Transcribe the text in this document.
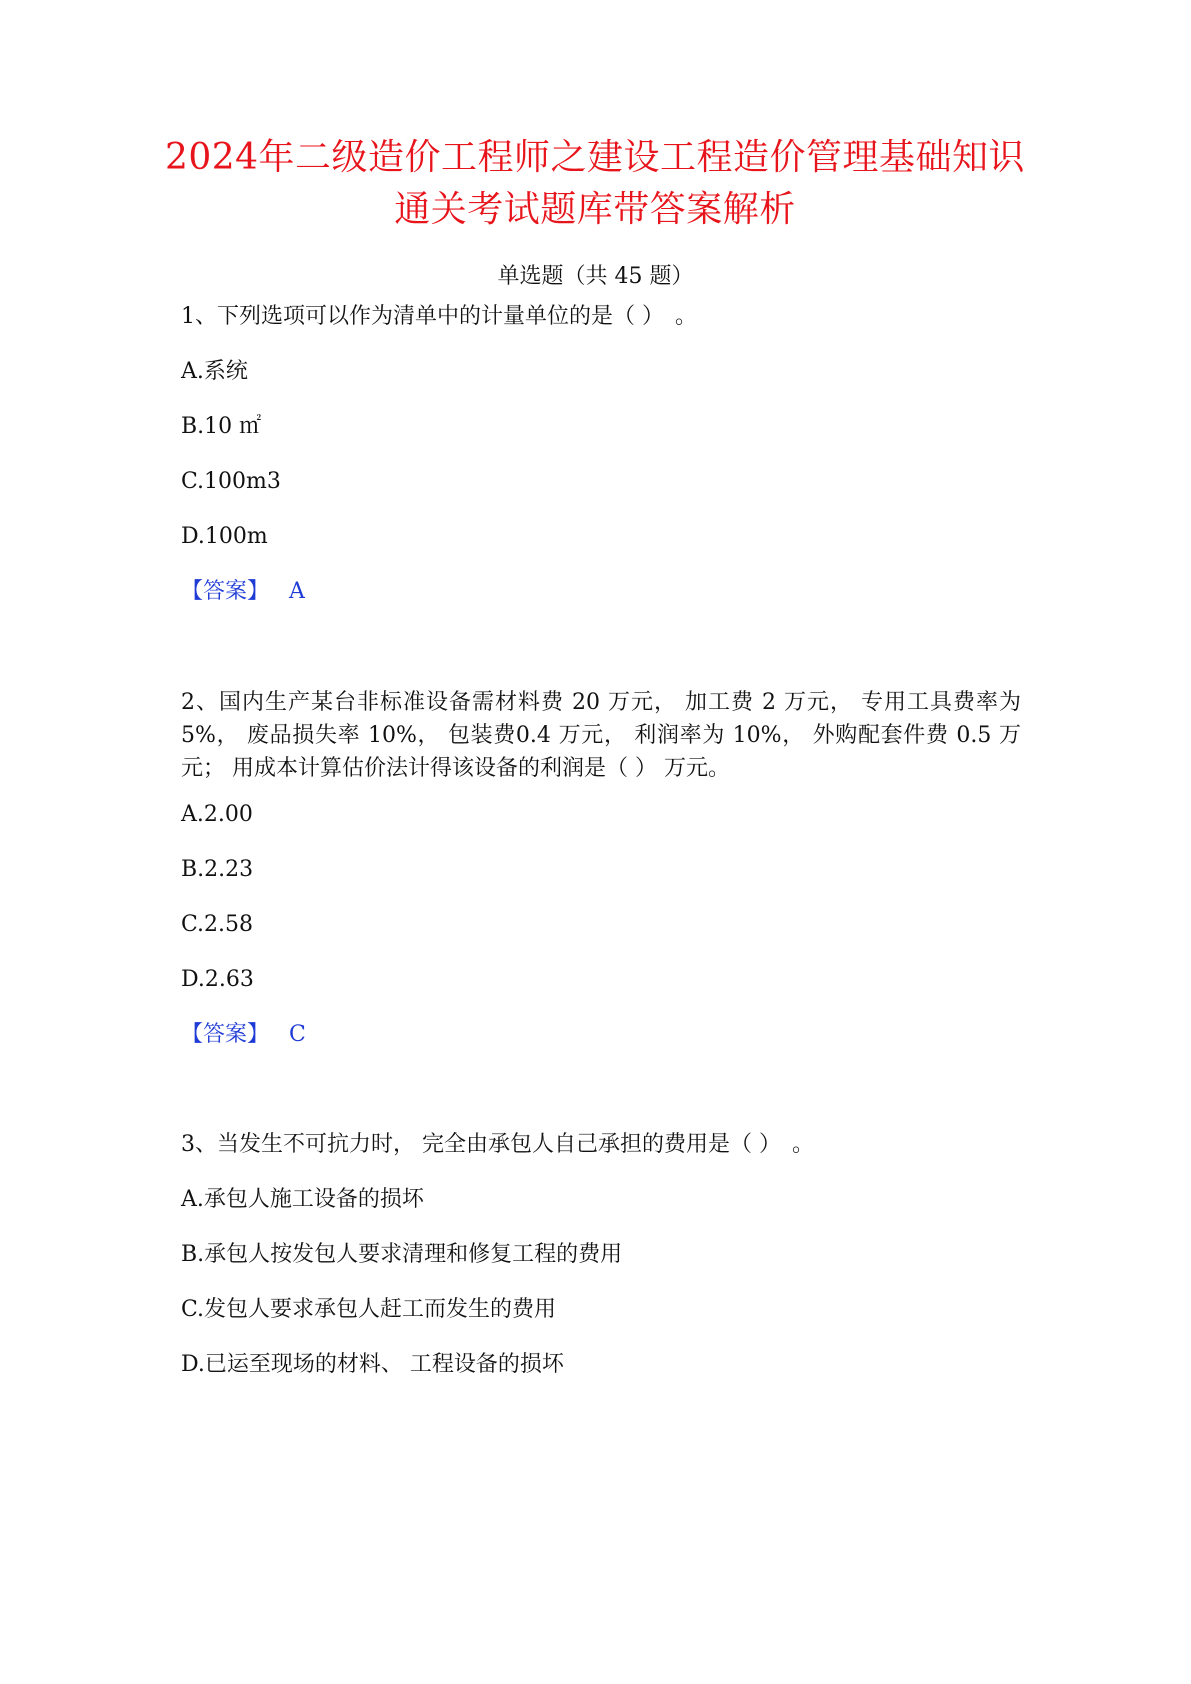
2024年二级造价工程师之建设工程造价管理基础知识通关考试题库带答案解析
单选题（共 45 题）
1、下列选项可以作为清单中的计量单位的是（ ）　。
A.系统
B.10 ㎡
C.100m3
D.100m
【答案】 A
2、国内生产某台非标准设备需材料费 20 万元， 加工费 2 万元， 专用工具费率为 5%， 废品损失率 10%， 包装费0.4 万元， 利润率为 10%， 外购配套件费 0.5 万元； 用成本计算估价法计得该设备的利润是（ ） 万元。
A.2.00
B.2.23
C.2.58
D.2.63
【答案】 C
3、当发生不可抗力时， 完全由承包人自己承担的费用是（ ）　。
A.承包人施工设备的损坏
B.承包人按发包人要求清理和修复工程的费用
C.发包人要求承包人赶工而发生的费用
D.已运至现场的材料、 工程设备的损坏
